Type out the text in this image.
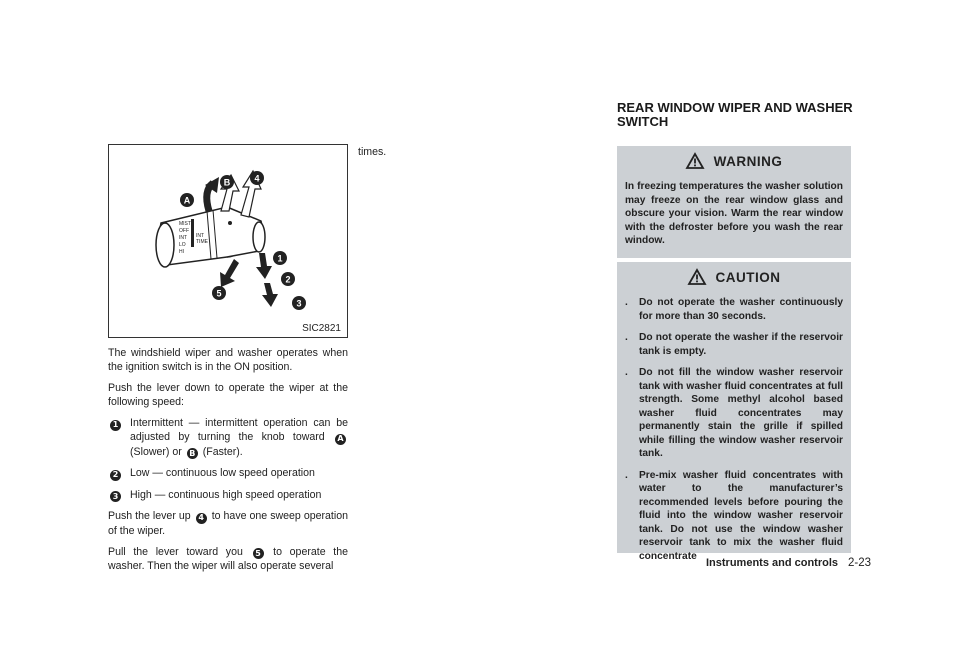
MIST
OFF
INT
LO
HI
INT
TIME
A
B
1
2
3
4
5
SIC2821

The windshield wiper and washer operates when the ignition switch is in the ON position.

Push the lever down to operate the wiper at the following speed:

1	Intermittent — intermittent operation can be adjusted by turning the knob toward A (Slower) or B (Faster).
2	Low — continuous low speed operation
3	High — continuous high speed operation

Push the lever up 4 to have one sweep operation of the wiper.

Pull the lever toward you 5 to operate the washer. Then the wiper will also operate several

times.
REAR WINDOW WIPER AND WASHER SWITCH
WARNING

In freezing temperatures the washer solution may freeze on the rear window glass and obscure your vision. Warm the rear window with the defroster before you wash the rear window.

CAUTION
.	Do not operate the washer continuously for more than 30 seconds.
.	Do not operate the washer if the reservoir tank is empty.
.	Do not fill the window washer reservoir tank with washer fluid concentrates at full strength. Some methyl alcohol based washer fluid concentrates may permanently stain the grille if spilled while filling the window washer reservoir tank.
.	Pre-mix washer fluid concentrates with water to the manufacturer’s recommended levels before pouring the fluid into the window washer reservoir tank. Do not use the window washer reservoir tank to mix the washer fluid concentrate
Instruments and controls 2-23
